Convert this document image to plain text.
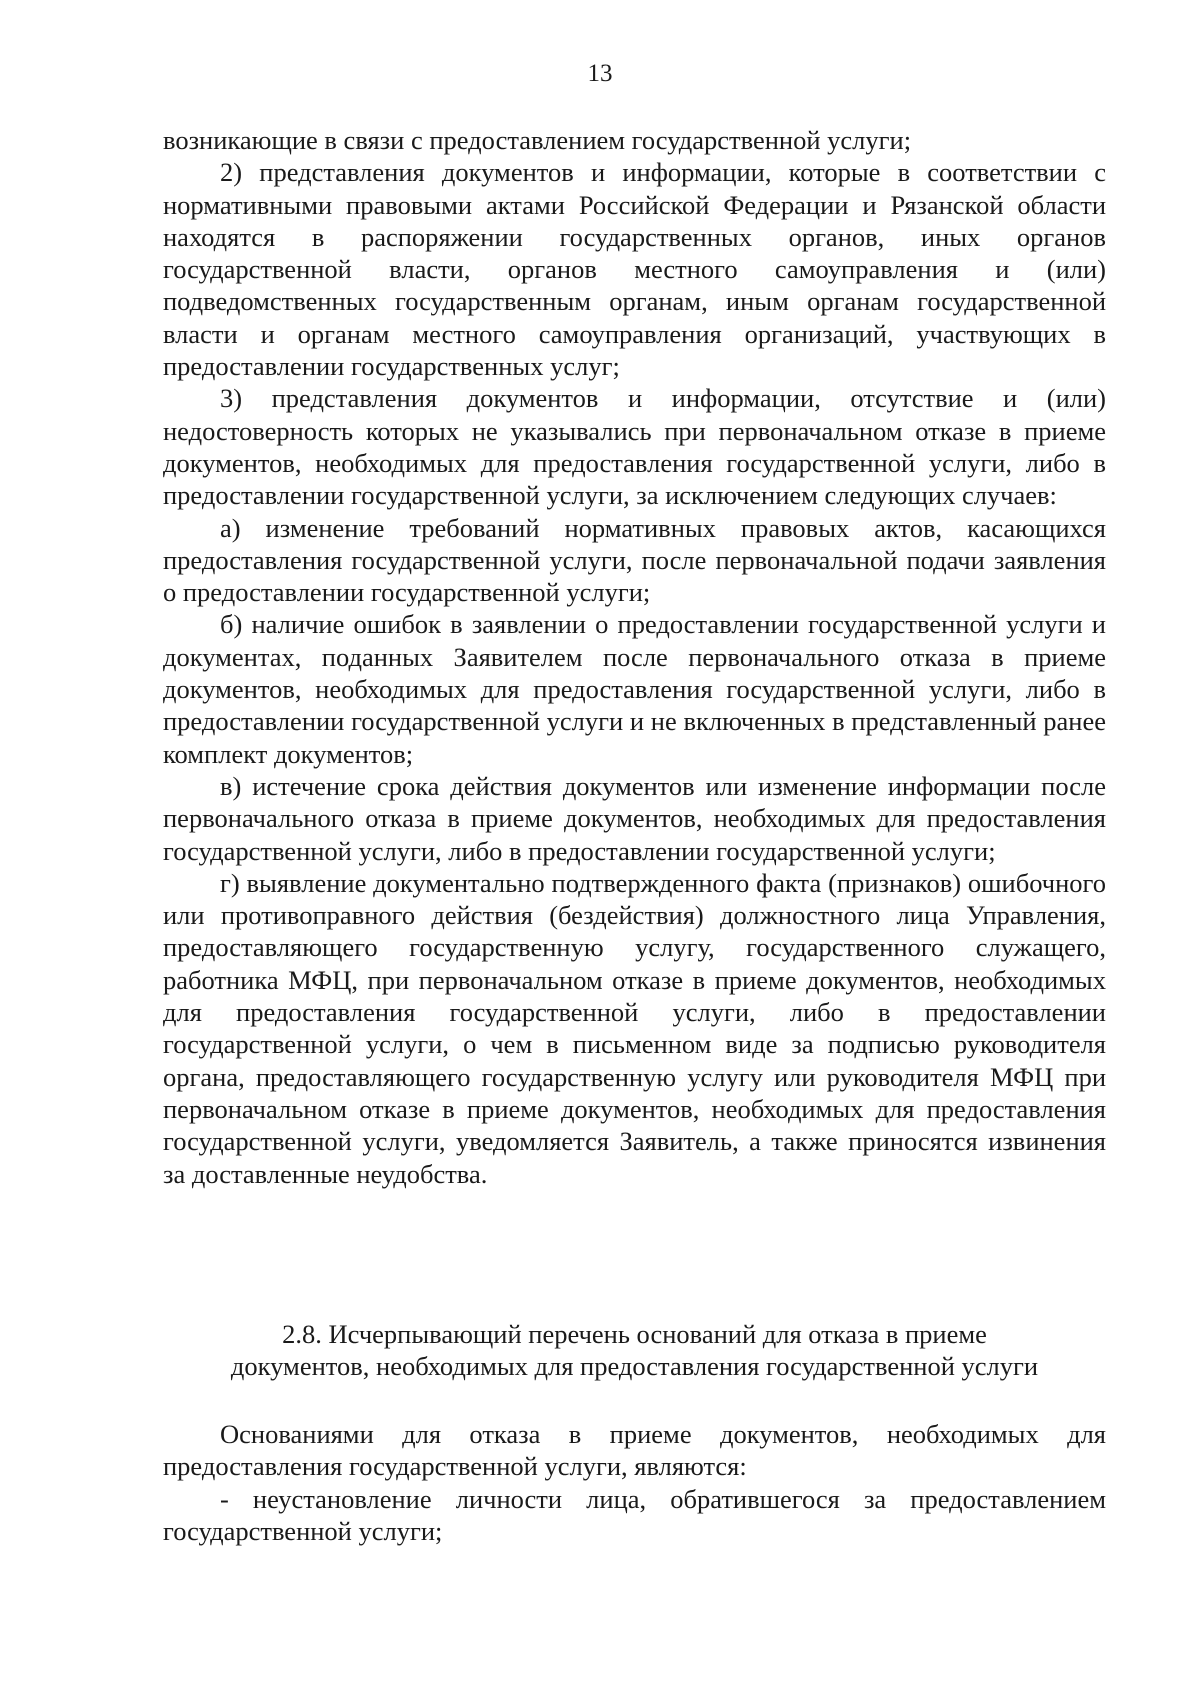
13

возникающие в связи с предоставлением государственной услуги;

2) представления документов и информации, которые в соответствии с нормативными правовыми актами Российской Федерации и Рязанской области находятся в распоряжении государственных органов, иных органов государственной власти, органов местного самоуправления и (или) подведомственных государственным органам, иным органам государственной власти и органам местного самоуправления организаций, участвующих в предоставлении государственных услуг;

3) представления документов и информации, отсутствие и (или) недостоверность которых не указывались при первоначальном отказе в приеме документов, необходимых для предоставления государственной услуги, либо в предоставлении государственной услуги, за исключением следующих случаев:

а) изменение требований нормативных правовых актов, касающихся предоставления государственной услуги, после первоначальной подачи заявления о предоставлении государственной услуги;

б) наличие ошибок в заявлении о предоставлении государственной услуги и документах, поданных Заявителем после первоначального отказа в приеме документов, необходимых для предоставления государственной услуги, либо в предоставлении государственной услуги и не включенных в представленный ранее комплект документов;

в) истечение срока действия документов или изменение информации после первоначального отказа в приеме документов, необходимых для предоставления государственной услуги, либо в предоставлении государственной услуги;

г) выявление документально подтвержденного факта (признаков) ошибочного или противоправного действия (бездействия) должностного лица Управления, предоставляющего государственную услугу, государственного служащего, работника МФЦ, при первоначальном отказе в приеме документов, необходимых для предоставления государственной услуги, либо в предоставлении государственной услуги, о чем в письменном виде за подписью руководителя органа, предоставляющего государственную услугу или руководителя МФЦ при первоначальном отказе в приеме документов, необходимых для предоставления государственной услуги, уведомляется Заявитель, а также приносятся извинения за доставленные неудобства.

2.8. Исчерпывающий перечень оснований для отказа в приеме
документов, необходимых для предоставления государственной услуги

Основаниями для отказа в приеме документов, необходимых для предоставления государственной услуги, являются:

- неустановление личности лица, обратившегося за предоставлением государственной услуги;
